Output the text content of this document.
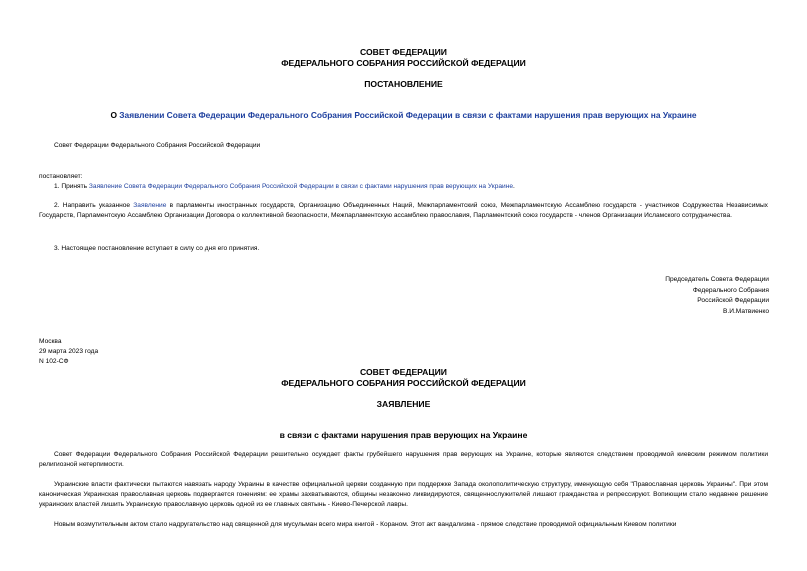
СОВЕТ ФЕДЕРАЦИИ
ФЕДЕРАЛЬНОГО СОБРАНИЯ РОССИЙСКОЙ ФЕДЕРАЦИИ
ПОСТАНОВЛЕНИЕ
О Заявлении Совета Федерации Федерального Собрания Российской Федерации в связи с фактами нарушения прав верующих на Украине
Совет Федерации Федерального Собрания Российской Федерации
постановляет:
1. Принять Заявление Совета Федерации Федерального Собрания Российской Федерации в связи с фактами нарушения прав верующих на Украине.
2. Направить указанное Заявление в парламенты иностранных государств, Организацию Объединенных Наций, Межпарламентский союз, Межпарламентскую Ассамблею государств - участников Содружества Независимых Государств, Парламентскую Ассамблею Организации Договора о коллективной безопасности, Межпарламентскую ассамблею православия, Парламентский союз государств - членов Организации Исламского сотрудничества.
3. Настоящее постановление вступает в силу со дня его принятия.
Председатель Совета Федерации
Федерального Собрания
Российской Федерации
В.И.Матвиенко
Москва
29 марта 2023 года
N 102-СФ
СОВЕТ ФЕДЕРАЦИИ
ФЕДЕРАЛЬНОГО СОБРАНИЯ РОССИЙСКОЙ ФЕДЕРАЦИИ
ЗАЯВЛЕНИЕ
в связи с фактами нарушения прав верующих на Украине
Совет Федерации Федерального Собрания Российской Федерации решительно осуждает факты грубейшего нарушения прав верующих на Украине, которые являются следствием проводимой киевским режимом политики религиозной нетерпимости.
Украинские власти фактически пытаются навязать народу Украины в качестве официальной церкви созданную при поддержке Запада околополитическую структуру, именующую себя "Православная церковь Украины". При этом каноническая Украинская православная церковь подвергается гонениям: ее храмы захватываются, общины незаконно ликвидируются, священнослужителей лишают гражданства и репрессируют. Вопиющим стало недавнее решение украинских властей лишить Украинскую православную церковь одной из ее главных святынь - Киево-Печерской лавры.
Новым возмутительным актом стало надругательство над священной для мусульман всего мира книгой - Кораном. Этот акт вандализма - прямое следствие проводимой официальным Киевом политики
